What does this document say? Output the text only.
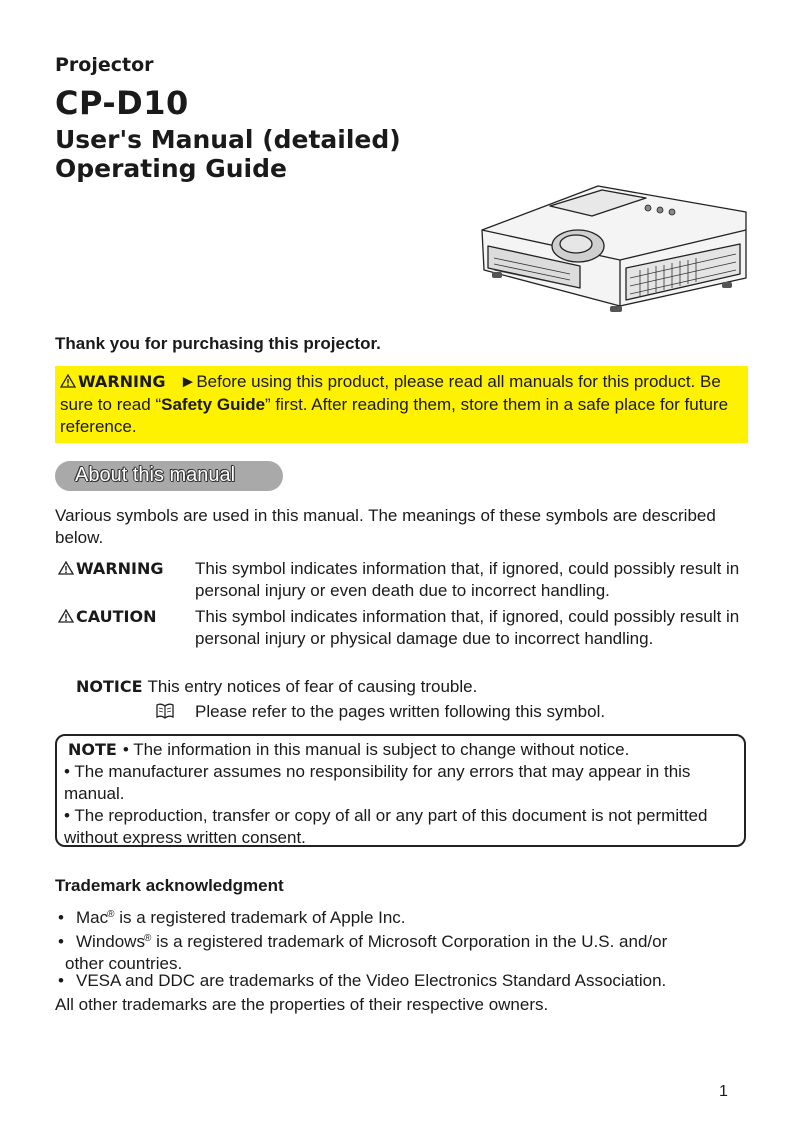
Projector
CP-D10
User's Manual (detailed)
Operating Guide
Thank you for purchasing this projector.
WARNING ►Before using this product, please read all manuals for this product. Be sure to read “Safety Guide” first. After reading them, store them in a safe place for future reference.
About this manual
Various symbols are used in this manual. The meanings of these symbols are described below.
WARNING This symbol indicates information that, if ignored, could possibly result in personal injury or even death due to incorrect handling.
CAUTION This symbol indicates information that, if ignored, could possibly result in personal injury or physical damage due to incorrect handling.
NOTICE This entry notices of fear of causing trouble.
Please refer to the pages written following this symbol.
NOTE • The information in this manual is subject to change without notice.
• The manufacturer assumes no responsibility for any errors that may appear in this manual.
• The reproduction, transfer or copy of all or any part of this document is not permitted without express written consent.
Trademark acknowledgment
• Mac® is a registered trademark of Apple Inc.
• Windows® is a registered trademark of Microsoft Corporation in the U.S. and/or
other countries.
• VESA and DDC are trademarks of the Video Electronics Standard Association.
All other trademarks are the properties of their respective owners.
1
